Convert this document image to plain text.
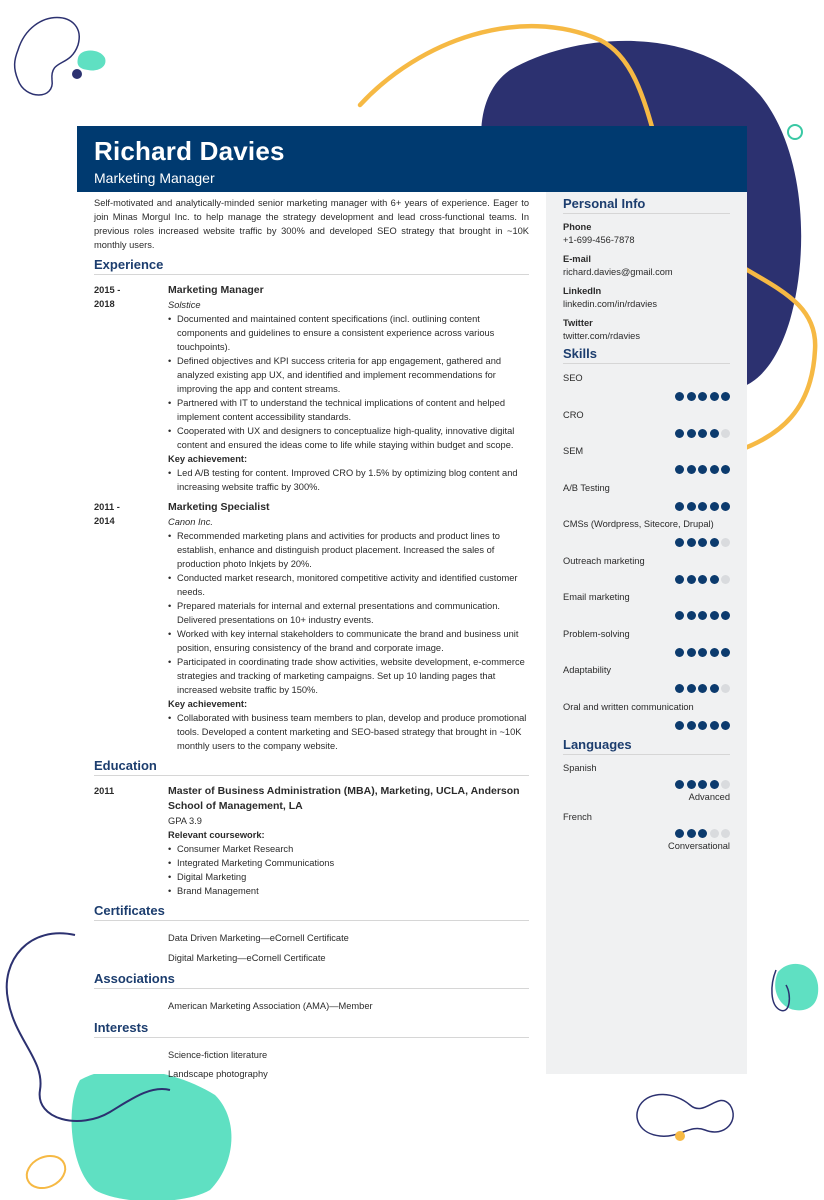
Richard Davies
Marketing Manager

Self-motivated and analytically-minded senior marketing manager with 6+ years of experience. Eager to join Minas Morgul Inc. to help manage the strategy development and lead cross-functional teams. In previous roles increased website traffic by 300% and developed SEO strategy that brought in ~10K monthly users.

Experience
2015 -
2018
Marketing Manager
Solstice
• Documented and maintained content specifications (incl. outlining content components and guidelines to ensure a consistent experience across various touchpoints).
• Defined objectives and KPI success criteria for app engagement, gathered and analyzed existing app UX, and identified and implement recommendations for improving the app and content streams.
• Partnered with IT to understand the technical implications of content and helped implement content accessibility standards.
• Cooperated with UX and designers to conceptualize high-quality, innovative digital content and ensured the ideas come to life while staying within budget and scope.
Key achievement:
• Led A/B testing for content. Improved CRO by 1.5% by optimizing blog content and increasing website traffic by 300%.
2011 -
2014
Marketing Specialist
Canon Inc.
• Recommended marketing plans and activities for products and product lines to establish, enhance and distinguish product placement. Increased the sales of production photo Inkjets by 20%.
• Conducted market research, monitored competitive activity and identified customer needs.
• Prepared materials for internal and external presentations and communication. Delivered presentations on 10+ industry events.
• Worked with key internal stakeholders to communicate the brand and business unit position, ensuring consistency of the brand and corporate image.
• Participated in coordinating trade show activities, website development, e-commerce strategies and tracking of marketing campaigns. Set up 10 landing pages that increased website traffic by 150%.
Key achievement:
• Collaborated with business team members to plan, develop and produce promotional tools. Developed a content marketing and SEO-based strategy that brought in ~10K monthly users to the company website.
Education
2011	Master of Business Administration (MBA), Marketing, UCLA, Anderson School of Management, LA
GPA 3.9
Relevant coursework:
• Consumer Market Research
• Integrated Marketing Communications
• Digital Marketing
• Brand Management
Certificates
Data Driven Marketing—eCornell Certificate
Digital Marketing—eCornell Certificate
Associations
American Marketing Association (AMA)—Member
Interests
Science-fiction literature
Landscape photography
Personal Info
Phone
+1-699-456-7878
E-mail
richard.davies@gmail.com
LinkedIn
linkedin.com/in/rdavies
Twitter
twitter.com/rdavies
Skills
SEO
CRO
SEM
A/B Testing
CMSs (Wordpress, Sitecore, Drupal)
Outreach marketing
Email marketing
Problem-solving
Adaptability
Oral and written communication
Languages
Spanish
Advanced
French
Conversational
